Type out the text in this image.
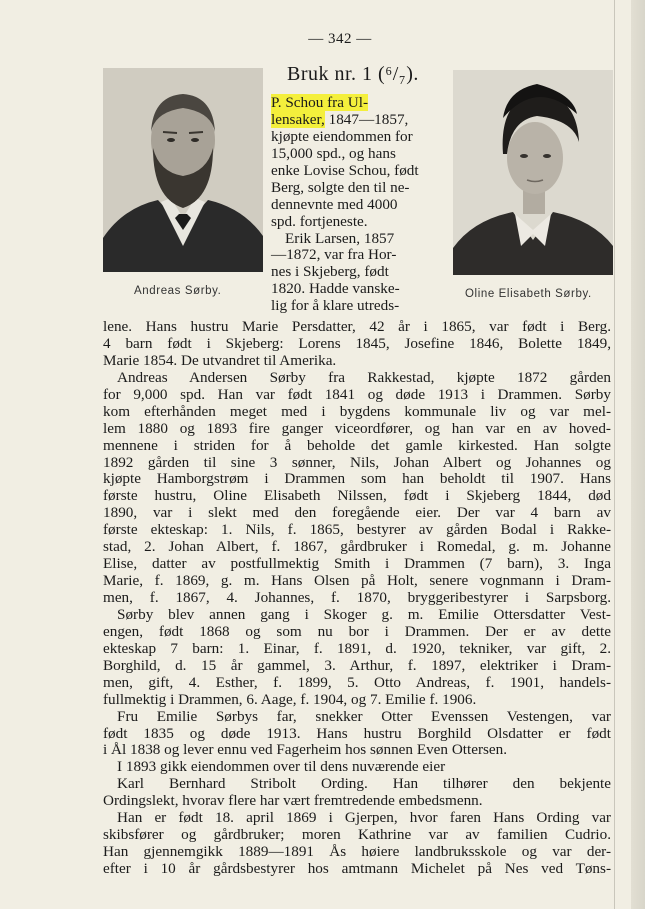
— 342 —
Andreas Sørby.	Oline Elisabeth Sørby.
Bruk nr. 1 (⁶/₇).
P. Schou fra Ul-
lensaker, 1847—1857,
kjøpte eiendommen for
15,000 spd., og hans
enke Lovise Schou, født
Berg, solgte den til ne-
dennevnte med 4000
spd. fortjeneste.
Erik Larsen, 1857
—1872, var fra Hor-
nes i Skjeberg, født
1820. Hadde vanske-
lig for å klare utreds-
lene. Hans hustru Marie Persdatter, 42 år i 1865, var født i Berg.
4 barn født i Skjeberg: Lorens 1845, Josefine 1846, Bolette 1849,
Marie 1854. De utvandret til Amerika.
Andreas Andersen Sørby fra Rakkestad, kjøpte 1872 gården
for 9,000 spd. Han var født 1841 og døde 1913 i Drammen. Sørby
kom efterhånden meget med i bygdens kommunale liv og var mel-
lem 1880 og 1893 fire ganger viceordfører, og han var en av hoved-
mennene i striden for å beholde det gamle kirkested. Han solgte
1892 gården til sine 3 sønner, Nils, Johan Albert og Johannes og
kjøpte Hamborgstrøm i Drammen som han beholdt til 1907. Hans
første hustru, Oline Elisabeth Nilssen, født i Skjeberg 1844, død
1890, var i slekt med den foregående eier. Der var 4 barn av
første ekteskap: 1. Nils, f. 1865, bestyrer av gården Bodal i Rakke-
stad, 2. Johan Albert, f. 1867, gårdbruker i Romedal, g. m. Johanne
Elise, datter av postfullmektig Smith i Drammen (7 barn), 3. Inga
Marie, f. 1869, g. m. Hans Olsen på Holt, senere vognmann i Dram-
men, f. 1867, 4. Johannes, f. 1870, bryggeribestyrer i Sarpsborg.
Sørby blev annen gang i Skoger g. m. Emilie Ottersdatter Vest-
engen, født 1868 og som nu bor i Drammen. Der er av dette
ekteskap 7 barn: 1. Einar, f. 1891, d. 1920, tekniker, var gift, 2.
Borghild, d. 15 år gammel, 3. Arthur, f. 1897, elektriker i Dram-
men, gift, 4. Esther, f. 1899, 5. Otto Andreas, f. 1901, handels-
fullmektig i Drammen, 6. Aage, f. 1904, og 7. Emilie f. 1906.
Fru Emilie Sørbys far, snekker Otter Evenssen Vestengen, var
født 1835 og døde 1913. Hans hustru Borghild Olsdatter er født
i Ål 1838 og lever ennu ved Fagerheim hos sønnen Even Ottersen.
I 1893 gikk eiendommen over til dens nuværende eier
Karl Bernhard Stribolt Ording. Han tilhører den bekjente
Ordingslekt, hvorav flere har vært fremtredende embedsmenn.
Han er født 18. april 1869 i Gjerpen, hvor faren Hans Ording var
skibsfører og gårdbruker; moren Kathrine var av familien Cudrio.
Han gjennemgikk 1889—1891 Ås høiere landbruksskole og var der-
efter i 10 år gårdsbestyrer hos amtmann Michelet på Nes ved Tøns-
